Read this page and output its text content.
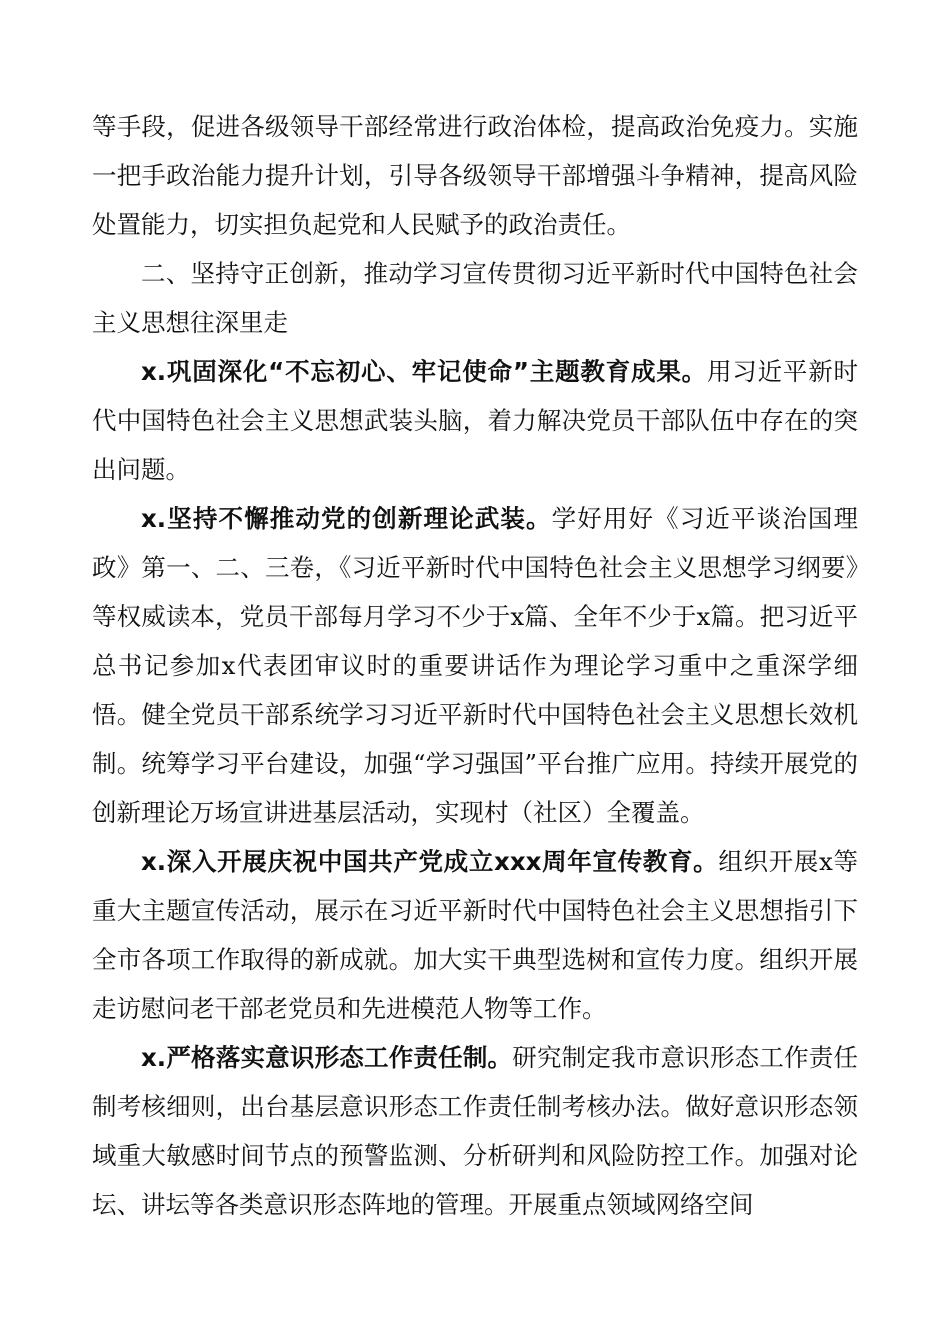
等手段，促进各级领导干部经常进行政治体检，提高政治免疫力。实施一把手政治能力提升计划，引导各级领导干部增强斗争精神，提高风险处置能力，切实担负起党和人民赋予的政治责任。

二、坚持守正创新，推动学习宣传贯彻习近平新时代中国特色社会主义思想往深里走

x.巩固深化“不忘初心、牢记使命”主题教育成果。用习近平新时代中国特色社会主义思想武装头脑，着力解决党员干部队伍中存在的突出问题。

x.坚持不懈推动党的创新理论武装。学好用好《习近平谈治国理政》第一、二、三卷，《习近平新时代中国特色社会主义思想学习纲要》等权威读本，党员干部每月学习不少于x篇、全年不少于x篇。把习近平总书记参加x代表团审议时的重要讲话作为理论学习重中之重深学细悟。健全党员干部系统学习习近平新时代中国特色社会主义思想长效机制。统筹学习平台建设，加强“学习强国”平台推广应用。持续开展党的创新理论万场宣讲进基层活动，实现村（社区）全覆盖。

x.深入开展庆祝中国共产党成立xxx周年宣传教育。组织开展x等重大主题宣传活动，展示在习近平新时代中国特色社会主义思想指引下全市各项工作取得的新成就。加大实干典型选树和宣传力度。组织开展走访慰问老干部老党员和先进模范人物等工作。

x.严格落实意识形态工作责任制。研究制定我市意识形态工作责任制考核细则，出台基层意识形态工作责任制考核办法。做好意识形态领域重大敏感时间节点的预警监测、分析研判和风险防控工作。加强对论坛、讲坛等各类意识形态阵地的管理。开展重点领域网络空间
